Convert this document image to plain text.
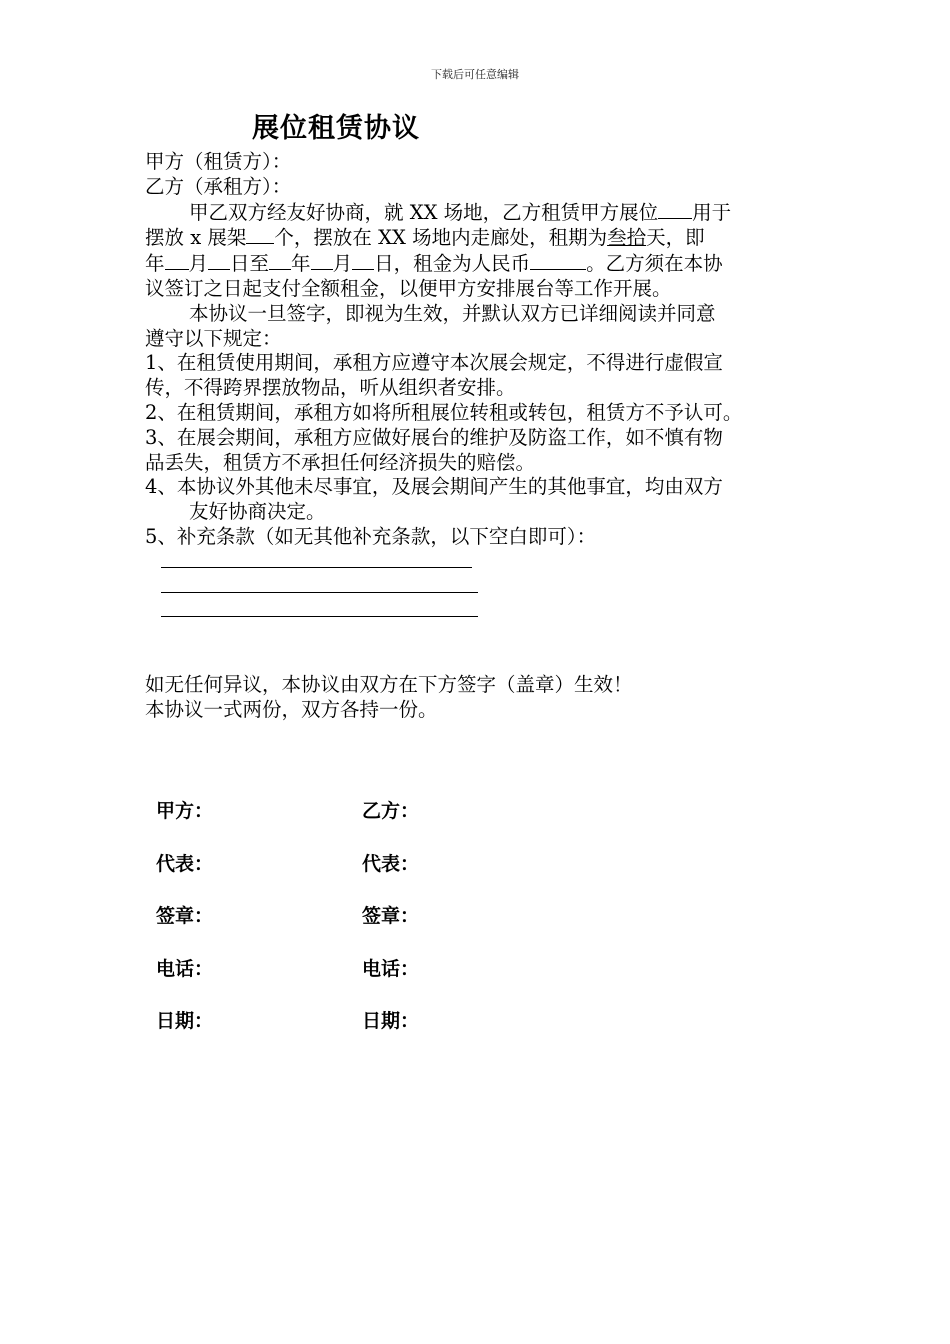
下载后可任意编辑
展位租赁协议
甲方（租赁方）：
乙方（承租方）：
甲乙双方经友好协商，就 XX 场地，乙方租赁甲方展位 用于
摆放 x 展架 个，摆放在 XX 场地内走廊处，租期为叁拾天，即
年 月 日至 年 月 日，租金为人民币	。乙方须在本协
议签订之日起支付全额租金，以便甲方安排展台等工作开展。
本协议一旦签字，即视为生效，并默认双方已详细阅读并同意
遵守以下规定：
1、在租赁使用期间，承租方应遵守本次展会规定，不得进行虚假宣
传，不得跨界摆放物品，听从组织者安排。
2、在租赁期间，承租方如将所租展位转租或转包，租赁方不予认可。
3、在展会期间，承租方应做好展台的维护及防盗工作，如不慎有物
品丢失，租赁方不承担任何经济损失的赔偿。
4、本协议外其他未尽事宜，及展会期间产生的其他事宜，均由双方
友好协商决定。
5、补充条款（如无其他补充条款，以下空白即可）：
如无任何异议，本协议由双方在下方签字（盖章）生效！
本协议一式两份，双方各持一份。
甲方：	乙方：
代表：	代表：
签章：	签章：
电话：	电话：
日期：	日期：
